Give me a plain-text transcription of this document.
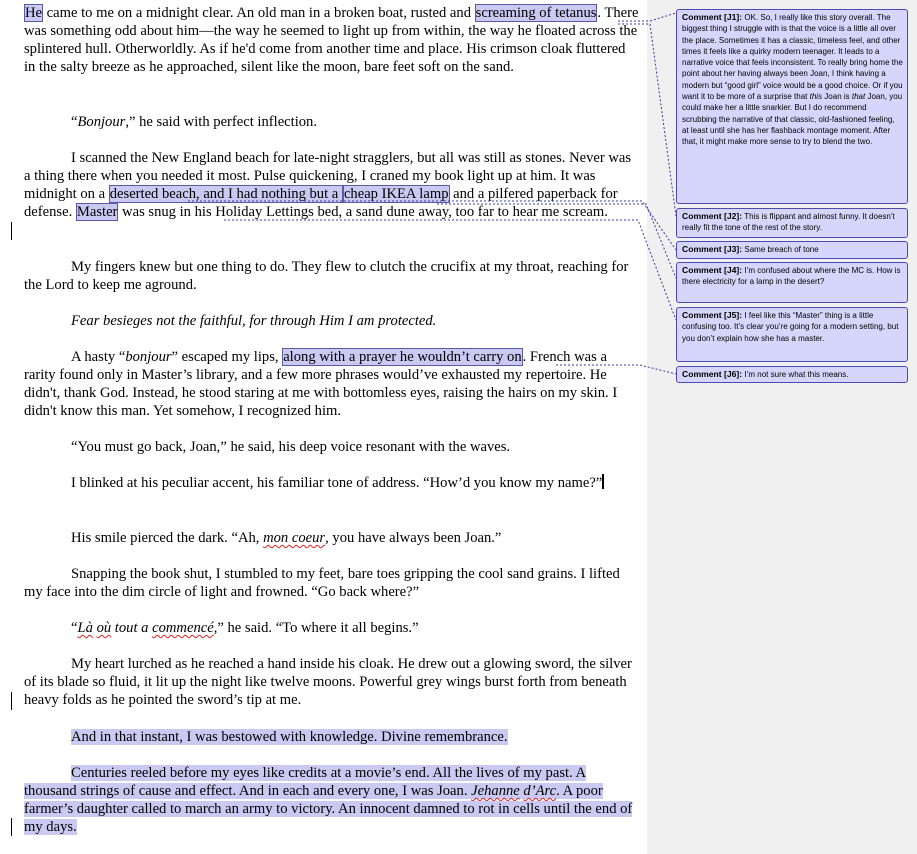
He came to me on a midnight clear. An old man in a broken boat, rusted and screaming of tetanus. There was something odd about him—the way he seemed to light up from within, the way he floated across the splintered hull. Otherworldly. As if he'd come from another time and place. His crimson cloak fluttered in the salty breeze as he approached, silent like the moon, bare feet soft on the sand.

“Bonjour,” he said with perfect inflection.

I scanned the New England beach for late-night stragglers, but all was still as stones. Never was a thing there when you needed it most. Pulse quickening, I craned my book light up at him. It was midnight on a deserted beach, and I had nothing but a cheap IKEA lamp and a pilfered paperback for defense. Master was snug in his Holiday Lettings bed, a sand dune away, too far to hear me scream.

My fingers knew but one thing to do. They flew to clutch the crucifix at my throat, reaching for the Lord to keep me aground.

Fear besieges not the faithful, for through Him I am protected.

A hasty “bonjour” escaped my lips, along with a prayer he wouldn’t carry on. French was a rarity found only in Master’s library, and a few more phrases would’ve exhausted my repertoire. He didn't, thank God. Instead, he stood staring at me with bottomless eyes, raising the hairs on my skin. I didn't know this man. Yet somehow, I recognized him.

“You must go back, Joan,” he said, his deep voice resonant with the waves.

I blinked at his peculiar accent, his familiar tone of address. “How’d you know my name?”

His smile pierced the dark. “Ah, mon coeur, you have always been Joan.”

Snapping the book shut, I stumbled to my feet, bare toes gripping the cool sand grains. I lifted my face into the dim circle of light and frowned. “Go back where?”

“Là où tout a commencé,” he said. “To where it all begins.”

My heart lurched as he reached a hand inside his cloak. He drew out a glowing sword, the silver of its blade so fluid, it lit up the night like twelve moons. Powerful grey wings burst forth from beneath heavy folds as he pointed the sword’s tip at me.

And in that instant, I was bestowed with knowledge. Divine remembrance.

Centuries reeled before my eyes like credits at a movie’s end. All the lives of my past. A thousand strings of cause and effect. And in each and every one, I was Joan. Jehanne d’Arc. A poor farmer’s daughter called to march an army to victory. An innocent damned to rot in cells until the end of my days.

Comment [J1]: OK. So, I really like this story overall. The biggest thing I struggle with is that the voice is a little all over the place. Sometimes it has a classic, timeless feel, and other times it feels like a quirky modern teenager. It leads to a narrative voice that feels inconsistent. To really bring home the point about her having always been Joan, I think having a modern but “good girl” voice would be a good choice. Or if you want it to be more of a surprise that this Joan is that Joan, you could make her a little snarkier. But I do recommend scrubbing the narrative of that classic, old-fashioned feeling, at least until she has her flashback montage moment. After that, it might make more sense to try to blend the two.
Comment [J2]: This is flippant and almost funny. It doesn’t really fit the tone of the rest of the story.
Comment [J3]: Same breach of tone
Comment [J4]: I’m confused about where the MC is. How is there electricity for a lamp in the desert?
Comment [J5]: I feel like this “Master” thing is a little confusing too. It’s clear you’re going for a modern setting, but you don’t explain how she has a master.
Comment [J6]: I’m not sure what this means.
